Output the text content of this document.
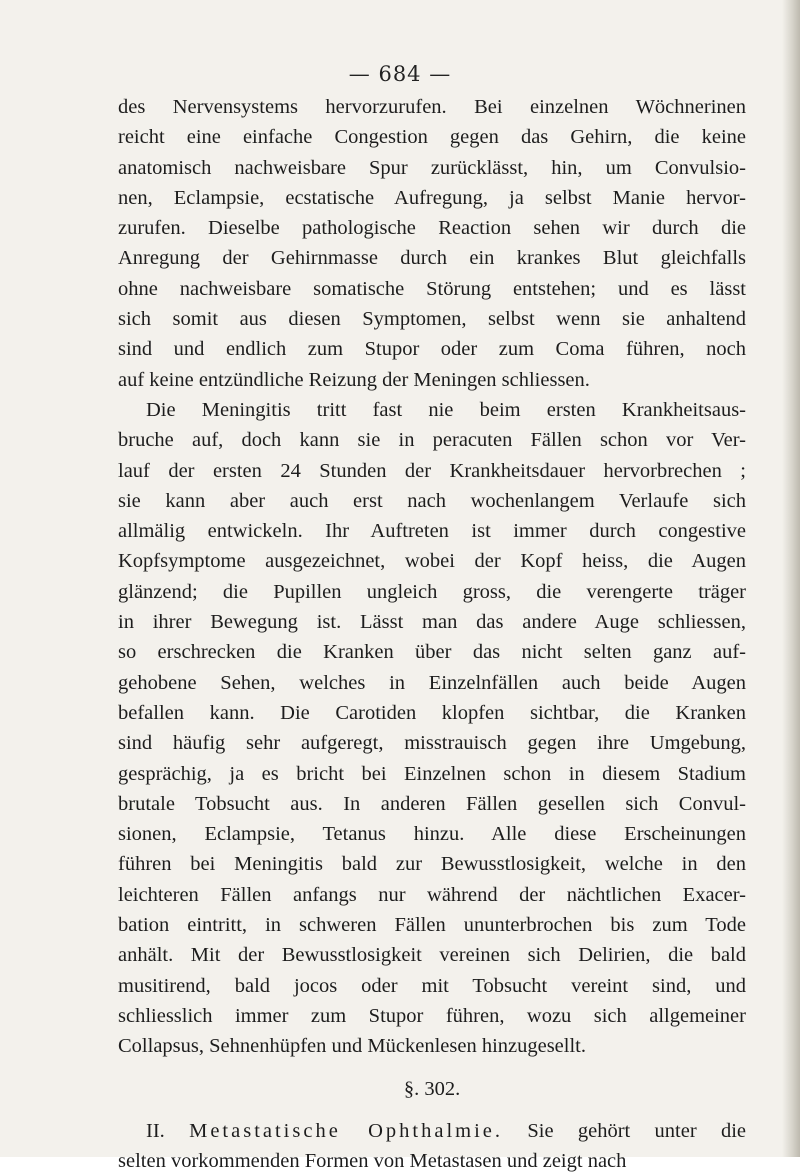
— 684 —
des Nervensystems hervorzurufen. Bei einzelnen Wöchnerinen
reicht eine einfache Congestion gegen das Gehirn, die keine
anatomisch nachweisbare Spur zurücklässt, hin, um Convulsio-
nen, Eclampsie, ecstatische Aufregung, ja selbst Manie hervor-
zurufen. Dieselbe pathologische Reaction sehen wir durch die
Anregung der Gehirnmasse durch ein krankes Blut gleichfalls
ohne nachweisbare somatische Störung entstehen; und es lässt
sich somit aus diesen Symptomen, selbst wenn sie anhaltend
sind und endlich zum Stupor oder zum Coma führen, noch
auf keine entzündliche Reizung der Meningen schliessen.
Die Meningitis tritt fast nie beim ersten Krankheitsaus-
bruche auf, doch kann sie in peracuten Fällen schon vor Ver-
lauf der ersten 24 Stunden der Krankheitsdauer hervorbrechen ;
sie kann aber auch erst nach wochenlangem Verlaufe sich
allmälig entwickeln. Ihr Auftreten ist immer durch congestive
Kopfsymptome ausgezeichnet, wobei der Kopf heiss, die Augen
glänzend; die Pupillen ungleich gross, die verengerte träger
in ihrer Bewegung ist. Lässt man das andere Auge schliessen,
so erschrecken die Kranken über das nicht selten ganz auf-
gehobene Sehen, welches in Einzelnfällen auch beide Augen
befallen kann. Die Carotiden klopfen sichtbar, die Kranken
sind häufig sehr aufgeregt, misstrauisch gegen ihre Umgebung,
gesprächig, ja es bricht bei Einzelnen schon in diesem Stadium
brutale Tobsucht aus. In anderen Fällen gesellen sich Convul-
sionen, Eclampsie, Tetanus hinzu. Alle diese Erscheinungen
führen bei Meningitis bald zur Bewusstlosigkeit, welche in den
leichteren Fällen anfangs nur während der nächtlichen Exacer-
bation eintritt, in schweren Fällen ununterbrochen bis zum Tode
anhält. Mit der Bewusstlosigkeit vereinen sich Delirien, die bald
musitirend, bald jocos oder mit Tobsucht vereint sind, und
schliesslich immer zum Stupor führen, wozu sich allgemeiner
Collapsus, Sehnenhüpfen und Mückenlesen hinzugesellt.
§. 302.
II. Metastatische Ophthalmie. Sie gehört unter die
selten vorkommenden Formen von Metastasen und zeigt nach
